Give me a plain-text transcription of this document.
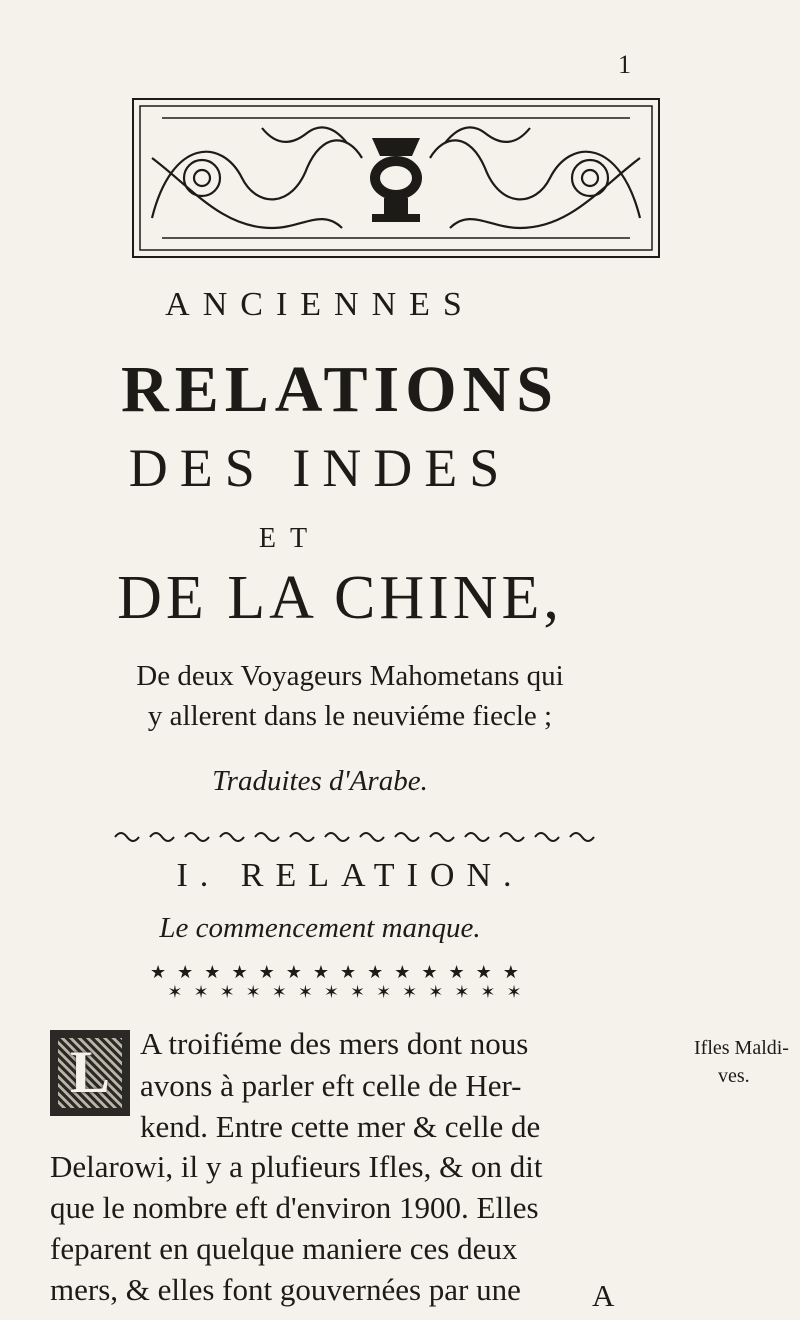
1
ANCIENNES
RELATIONS
DES INDES
ET
DE LA CHINE,
De deux Voyageurs Mahometans qui
y allerent dans le neuviéme fiecle ;
Traduites d'Arabe.
I. RELATION.
Le commencement manque.
★★★★★★★★★★★★★★
✶✶✶✶✶✶✶✶✶✶✶✶✶✶
L A troifiéme des mers dont nous
avons à parler eft celle de Her-
kend. Entre cette mer & celle de
Delarowi, il y a plufieurs Ifles, & on dit
que le nombre eft d'environ 1900. Elles
feparent en quelque maniere ces deux
mers, & elles font gouvernées par une
Ifles Maldi-
ves.
A
